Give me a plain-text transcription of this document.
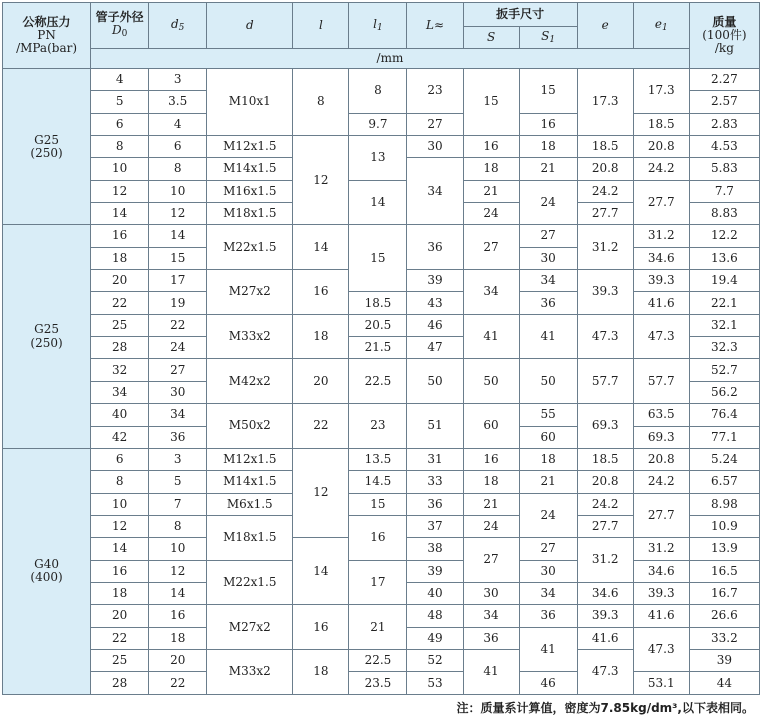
公称压力
PN
/MPa(bar)	管子外径
$D_0$	$d_5$	d	l	$l_1$	L≈	扳手尺寸		e	$e_1$	质量
(100件)
/kg

							S	$S_1$
	/mm										

G25
(250)	4	3	M10x1	8	8	23	15	15	17.3	17.3	2.27
	5	3.5									2.57
	6	4			9.7	27		16		18.5	2.83
	8	6	M12x1.5	12	13	30	16	18	18.5	20.8	4.53
	10	8	M14x1.5			34	18	21	20.8	24.2	5.83
	12	10	M16x1.5		14		21	24	24.2	27.7	7.7
	14	12	M18x1.5				24		27.7		8.83

G25
(250)	16	14	M22x1.5	14	15	36	27	27	31.2	31.2	12.2
	18	15						30		34.6	13.6
	20	17	M27x2	16		39	34	34	39.3	39.3	19.4
	22	19			18.5	43		36		41.6	22.1
	25	22	M33x2	18	20.5	46	41	41	47.3	47.3	32.1
	28	24			21.5	47					32.3
	32	27	M42x2	20	22.5	50	50	50	57.7	57.7	52.7
	34	30									56.2
	40	34	M50x2	22	23	51	60	55	69.3	63.5	76.4
	42	36						60		69.3	77.1

G40
(400)	6	3	M12x1.5	12	13.5	31	16	18	18.5	20.8	5.24
	8	5	M14x1.5		14.5	33	18	21	20.8	24.2	6.57
	10	7	M6x1.5		15	36	21	24	24.2	27.7	8.98
	12	8	M18x1.5		16	37	24		27.7		10.9
	14	10		14		38	27	27	31.2	31.2	13.9
	16	12	M22x1.5		17	39		30		34.6	16.5
	18	14				40	30	34	34.6	39.3	16.7
	20	16	M27x2	16	21	48	34	36	39.3	41.6	26.6
	22	18				49	36	41	41.6	47.3	33.2
	25	20	M33x2	18	22.5	52	41		47.3		39
	28	22			23.5	53		46		53.1	44
注：质量系计算值，密度为7.85kg/dm³,以下表相同。
